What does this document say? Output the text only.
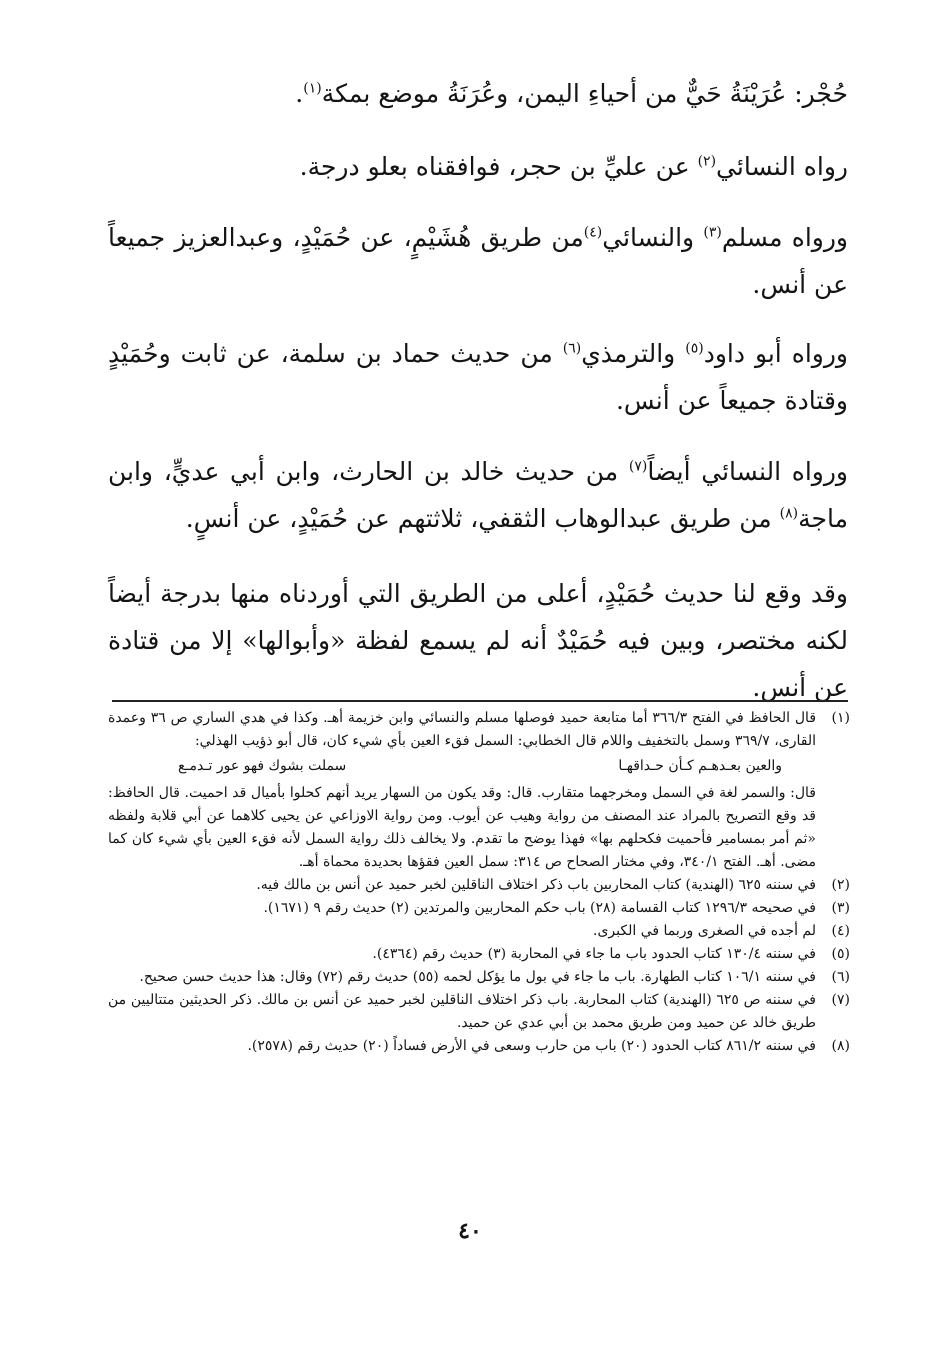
حُجْر: عُرَيْنَةُ حَيٌّ من أحياءِ اليمن، وعُرَنَةُ موضع بمكة$^{(١)}$.

رواه النسائي$^{(٢)}$ عن عليِّ بن حجر، فوافقناه بعلو درجة.

ورواه مسلم$^{(٣)}$ والنسائي$^{(٤)}$من طريق هُشَيْمٍ، عن حُمَيْدٍ، وعبدالعزيز جميعاً عن أنس.

ورواه أبو داود$^{(٥)}$ والترمذي$^{(٦)}$ من حديث حماد بن سلمة، عن ثابت وحُمَيْدٍ وقتادة جميعاً عن أنس.

ورواه النسائي أيضاً$^{(٧)}$ من حديث خالد بن الحارث، وابن أبي عديٍّ، وابن ماجة$^{(٨)}$ من طريق عبدالوهاب الثقفي، ثلاثتهم عن حُمَيْدٍ، عن أنسٍ.

وقد وقع لنا حديث حُمَيْدٍ، أعلى من الطريق التي أوردناه منها بدرجة أيضاً لكنه مختصر، وبين فيه حُمَيْدٌ أنه لم يسمع لفظة «وأبوالها» إلا من قتادة عن أنس.

(١)

قال الحافظ في الفتح ٣٦٦/٣ أما متابعة حميد فوصلها مسلم والنسائي وابن خزيمة أهـ. وكذا في هدي الساري ص ٣٦ وعمدة القارى، ٣٦٩/٧ وسمل بالتخفيف واللام قال الخطابي: السمل فقء العين بأي شيء كان، قال أبو ذؤيب الهذلي:

والعين بعـدهـم كـأن حـداقهـا
سملت بشوك فهو عور تـدمـع

قال: والسمر لغة في السمل ومخرجهما متقارب. قال: وقد يكون من السهار يريد أنهم كحلوا بأميال قد احميت. قال الحافظ: قد وقع التصريح بالمراد عند المصنف من رواية وهيب عن أيوب. ومن رواية الاوزاعي عن يحيى كلاهما عن أبي قلابة ولفظه «ثم أمر بمسامير فأحميت فكحلهم بها» فهذا يوضح ما تقدم. ولا يخالف ذلك رواية السمل لأنه فقء العين بأي شيء كان كما مضى. أهـ. الفتح ٣٤٠/١، وفي مختار الصحاح ص ٣١٤: سمل العين فقؤها بحديدة محماة أهـ.

(٢)
في سننه ٦٢٥ (الهندية) كتاب المحاربين باب ذكر اختلاف الناقلين لخبر حميد عن أنس بن مالك فيه.
(٣)
في صحيحه ١٢٩٦/٣ كتاب القسامة (٢٨) باب حكم المحاربين والمرتدين (٢) حديث رقم ٩ (١٦٧١).
(٤)
لم أجده في الصغرى وربما في الكبرى.
(٥)
في سننه ١٣٠/٤ كتاب الحدود باب ما جاء في المحاربة (٣) حديث رقم (٤٣٦٤).
(٦)
في سننه ١٠٦/١ كتاب الطهارة. باب ما جاء في بول ما يؤكل لحمه (٥٥) حديث رقم (٧٢) وقال: هذا حديث حسن صحيح.
(٧)
في سننه ص ٦٢٥ (الهندية) كتاب المحاربة. باب ذكر اختلاف الناقلين لخبر حميد عن أنس بن مالك. ذكر الحديثين متتاليين من طريق خالد عن حميد ومن طريق محمد بن أبي عدي عن حميد.
(٨)
في سننه ٨٦١/٢ كتاب الحدود (٢٠) باب من حارب وسعى في الأرض فساداً (٢٠) حديث رقم (٢٥٧٨).
٤٠
